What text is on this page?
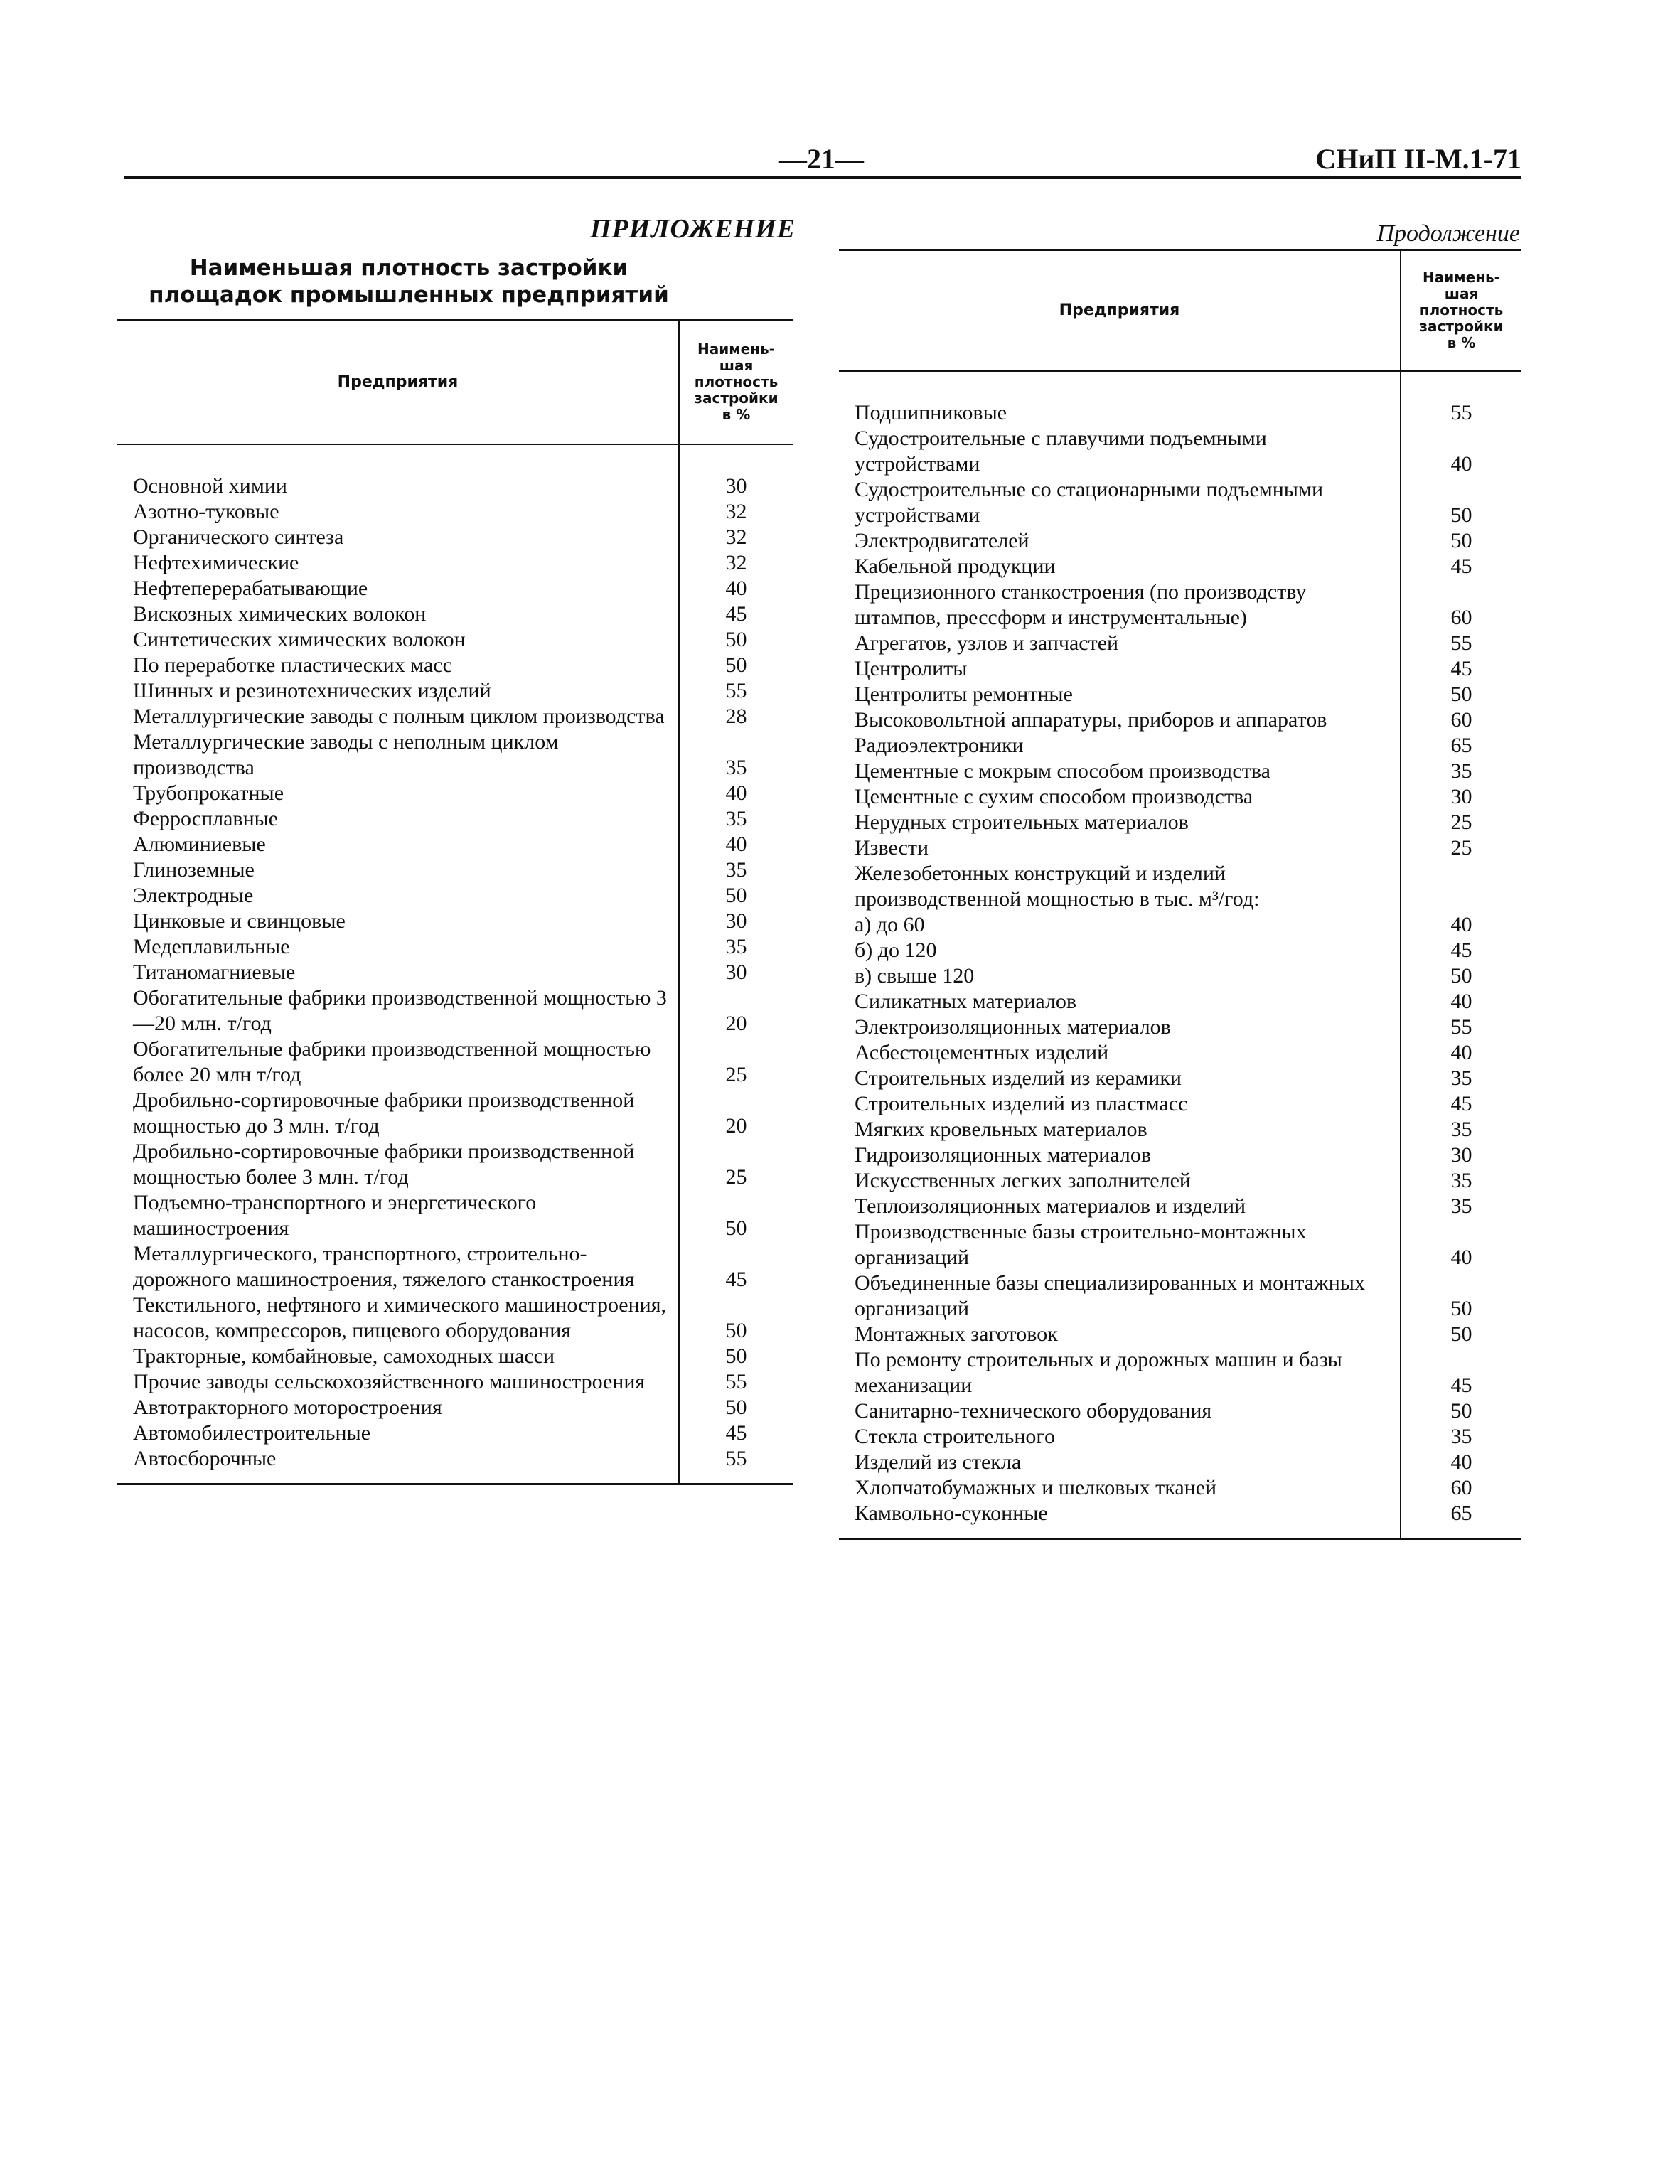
—21—	СНиП II-М.1-71
ПРИЛОЖЕНИЕ
Наименьшая плотность застройки
площадок промышленных предприятий
Продолжение
Предприятия	Наимень-
шая
плотность
застройки
в %

Основной химии	30
Азотно-туковые	32
Органического синтеза	32
Нефтехимические	32
Нефтеперерабатывающие	40
Вискозных химических волокон	45
Синтетических химических волокон	50
По переработке пластических масс	50
Шинных и резинотехнических изделий	55
Металлургические заводы с полным циклом производства	28
Металлургические заводы с неполным циклом производства	35
Трубопрокатные	40
Ферросплавные	35
Алюминиевые	40
Глиноземные	35
Электродные	50
Цинковые и свинцовые	30
Медеплавильные	35
Титаномагниевые	30
Обогатительные фабрики производственной мощностью 3—20 млн. т/год	20
Обогатительные фабрики производственной мощностью более 20 млн т/год	25
Дробильно-сортировочные фабрики производственной мощностью до 3 млн. т/год	20
Дробильно-сортировочные фабрики производственной мощностью более 3 млн. т/год	25
Подъемно-транспортного и энергетического машиностроения	50
Металлургического, транспортного, строительно-дорожного машиностроения, тяжелого станкостроения	45
Текстильного, нефтяного и химического машиностроения, насосов, компрессоров, пищевого оборудования	50
Тракторные, комбайновые, самоходных шасси	50
Прочие заводы сельскохозяйственного машиностроения	55
Автотракторного моторостроения	50
Автомобилестроительные	45
Автосборочные	55
Предприятия	Наимень-
шая
плотность
застройки
в %

Подшипниковые	55
Судостроительные с плавучими подъемными устройствами	40
Судостроительные со стационарными подъемными устройствами	50
Электродвигателей	50
Кабельной продукции	45
Прецизионного станкостроения (по производству штампов, прессформ и инструментальные)	60
Агрегатов, узлов и запчастей	55
Центролиты	45
Центролиты ремонтные	50
Высоковольтной аппаратуры, приборов и аппаратов	60
Радиоэлектроники	65
Цементные с мокрым способом производства	35
Цементные с сухим способом производства	30
Нерудных строительных материалов	25
Извести	25
Железобетонных конструкций и изделий производственной мощностью в тыс. м³/год:	
а) до 60	40
б) до 120	45
в) свыше 120	50
Силикатных материалов	40
Электроизоляционных материалов	55
Асбестоцементных изделий	40
Строительных изделий из керамики	35
Строительных изделий из пластмасс	45
Мягких кровельных материалов	35
Гидроизоляционных материалов	30
Искусственных легких заполнителей	35
Теплоизоляционных материалов и изделий	35
Производственные базы строительно-монтажных организаций	40
Объединенные базы специализированных и монтажных организаций	50
Монтажных заготовок	50
По ремонту строительных и дорожных машин и базы механизации	45
Санитарно-технического оборудования	50
Стекла строительного	35
Изделий из стекла	40
Хлопчатобумажных и шелковых тканей	60
Камвольно-суконные	65
